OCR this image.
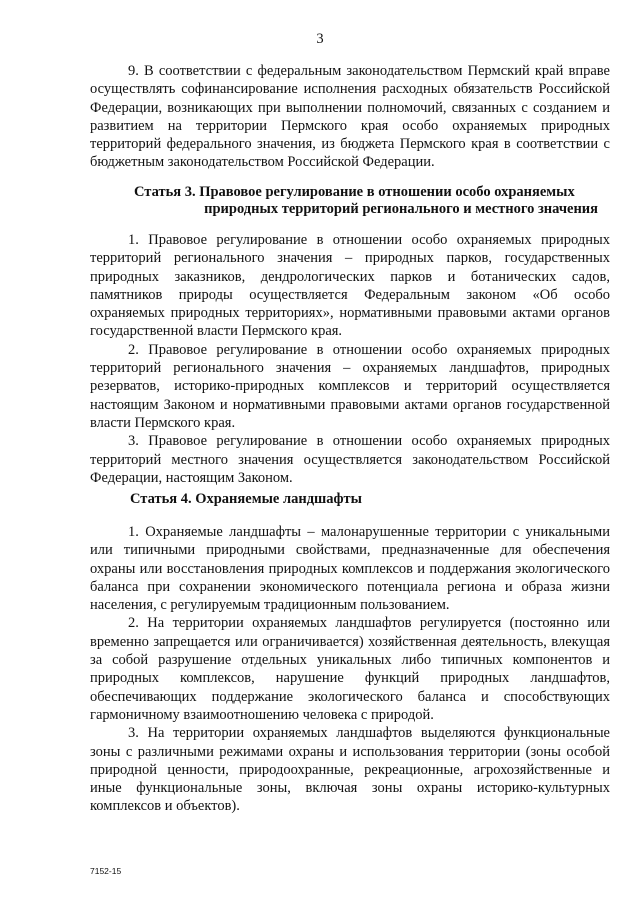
3

9. В соответствии с федеральным законодательством Пермский край вправе осуществлять софинансирование исполнения расходных обязательств Российской Федерации, возникающих при выполнении полномочий, связанных с созданием и развитием на территории Пермского края особо охраняемых природных территорий федерального значения, из бюджета Пермского края в соответствии с бюджетным законодательством Российской Федерации.

Статья 3. Правовое регулирование в отношении особо охраняемых
природных территорий регионального и местного значения

1. Правовое регулирование в отношении особо охраняемых природных территорий регионального значения – природных парков, государственных природных заказников, дендрологических парков и ботанических садов, памятников природы осуществляется Федеральным законом «Об особо охраняемых природных территориях», нормативными правовыми актами органов государственной власти Пермского края.

2. Правовое регулирование в отношении особо охраняемых природных территорий регионального значения – охраняемых ландшафтов, природных резерватов, историко-природных комплексов и территорий осуществляется настоящим Законом и нормативными правовыми актами органов государственной власти Пермского края.

3. Правовое регулирование в отношении особо охраняемых природных территорий местного значения осуществляется законодательством Российской Федерации, настоящим Законом.

Статья 4. Охраняемые ландшафты

1. Охраняемые ландшафты – малонарушенные территории с уникальными или типичными природными свойствами, предназначенные для обеспечения охраны или восстановления природных комплексов и поддержания экологического баланса при сохранении экономического потенциала региона и образа жизни населения, с регулируемым традиционным пользованием.

2. На территории охраняемых ландшафтов регулируется (постоянно или временно запрещается или ограничивается) хозяйственная деятельность, влекущая за собой разрушение отдельных уникальных либо типичных компонентов и природных комплексов, нарушение функций природных ландшафтов, обеспечивающих поддержание экологического баланса и способствующих гармоничному взаимоотношению человека с природой.

3. На территории охраняемых ландшафтов выделяются функциональные зоны с различными режимами охраны и использования территории (зоны особой природной ценности, природоохранные, рекреационные, агрохозяйственные и иные функциональные зоны, включая зоны охраны историко-культурных комплексов и объектов).

7152-15
